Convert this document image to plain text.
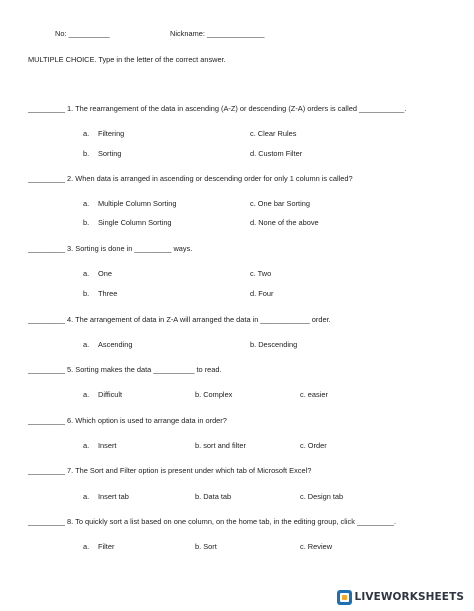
No: __________	Nickname: ______________
MULTIPLE CHOICE. Type in the letter of the correct answer.
_________ 1. The rearrangement of the data in ascending (A-Z) or descending (Z-A) orders is called ___________.
a. Filtering	c. Clear Rules
b. Sorting	d. Custom Filter
_________ 2. When data is arranged in ascending or descending order for only 1 column is called?
a. Multiple Column Sorting	c. One bar Sorting
b. Single Column Sorting	d. None of the above
_________ 3. Sorting is done in _________ ways.
a. One	c. Two
b. Three	d. Four
_________ 4. The arrangement of data in Z-A will arranged the data in ____________ order.
a. Ascending	b. Descending
_________ 5. Sorting makes the data __________ to read.
a. Difficult	b. Complex	c. easier
_________ 6. Which option is used to arrange data in order?
a. Insert	b. sort and filter	c. Order
_________ 7. The Sort and Filter option is present under which tab of Microsoft Excel?
a. Insert tab	b. Data tab	c. Design tab
_________ 8. To quickly sort a list based on one column, on the home tab, in the editing group, click _________.
a. Filter	b. Sort	c. Review
LIVEWORKSHEETS
